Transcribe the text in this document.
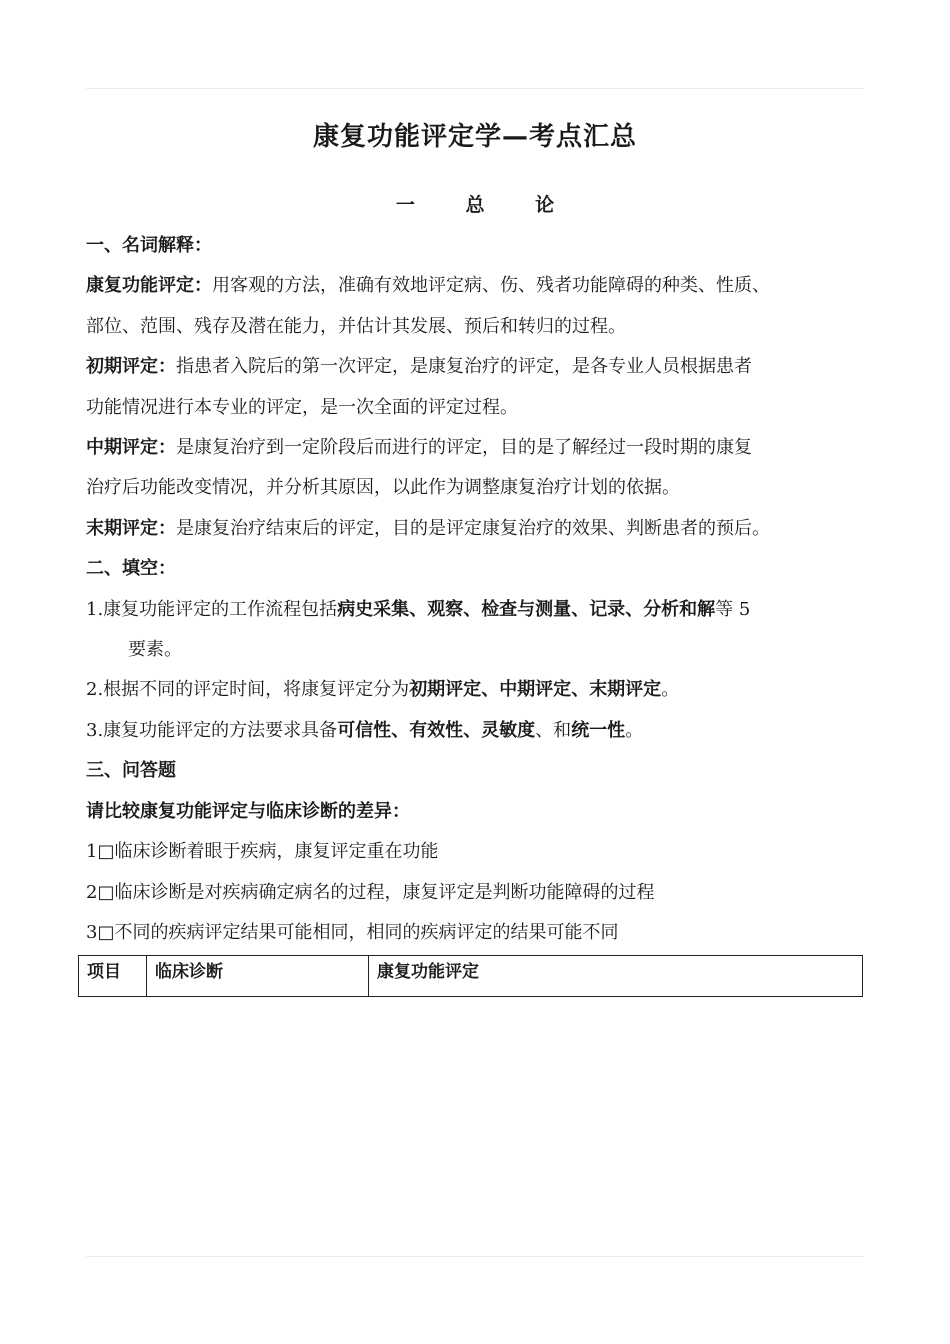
康复功能评定学—考点汇总
一 总 论
一、名词解释：
康复功能评定：用客观的方法，准确有效地评定病、伤、残者功能障碍的种类、性质、
部位、范围、残存及潜在能力，并估计其发展、预后和转归的过程。
初期评定：指患者入院后的第一次评定，是康复治疗的评定，是各专业人员根据患者
功能情况进行本专业的评定，是一次全面的评定过程。
中期评定：是康复治疗到一定阶段后而进行的评定，目的是了解经过一段时期的康复
治疗后功能改变情况，并分析其原因，以此作为调整康复治疗计划的依据。
末期评定：是康复治疗结束后的评定，目的是评定康复治疗的效果、判断患者的预后。
二、填空：
1.康复功能评定的工作流程包括病史采集、观察、检查与测量、记录、分析和解等 5
要素。
2.根据不同的评定时间，将康复评定分为初期评定、中期评定、末期评定。
3.康复功能评定的方法要求具备可信性、有效性、灵敏度、和统一性。
三、问答题
请比较康复功能评定与临床诊断的差异：
1□临床诊断着眼于疾病，康复评定重在功能
2□临床诊断是对疾病确定病名的过程，康复评定是判断功能障碍的过程
3□不同的疾病评定结果可能相同，相同的疾病评定的结果可能不同
项目	临床诊断	康复功能评定
